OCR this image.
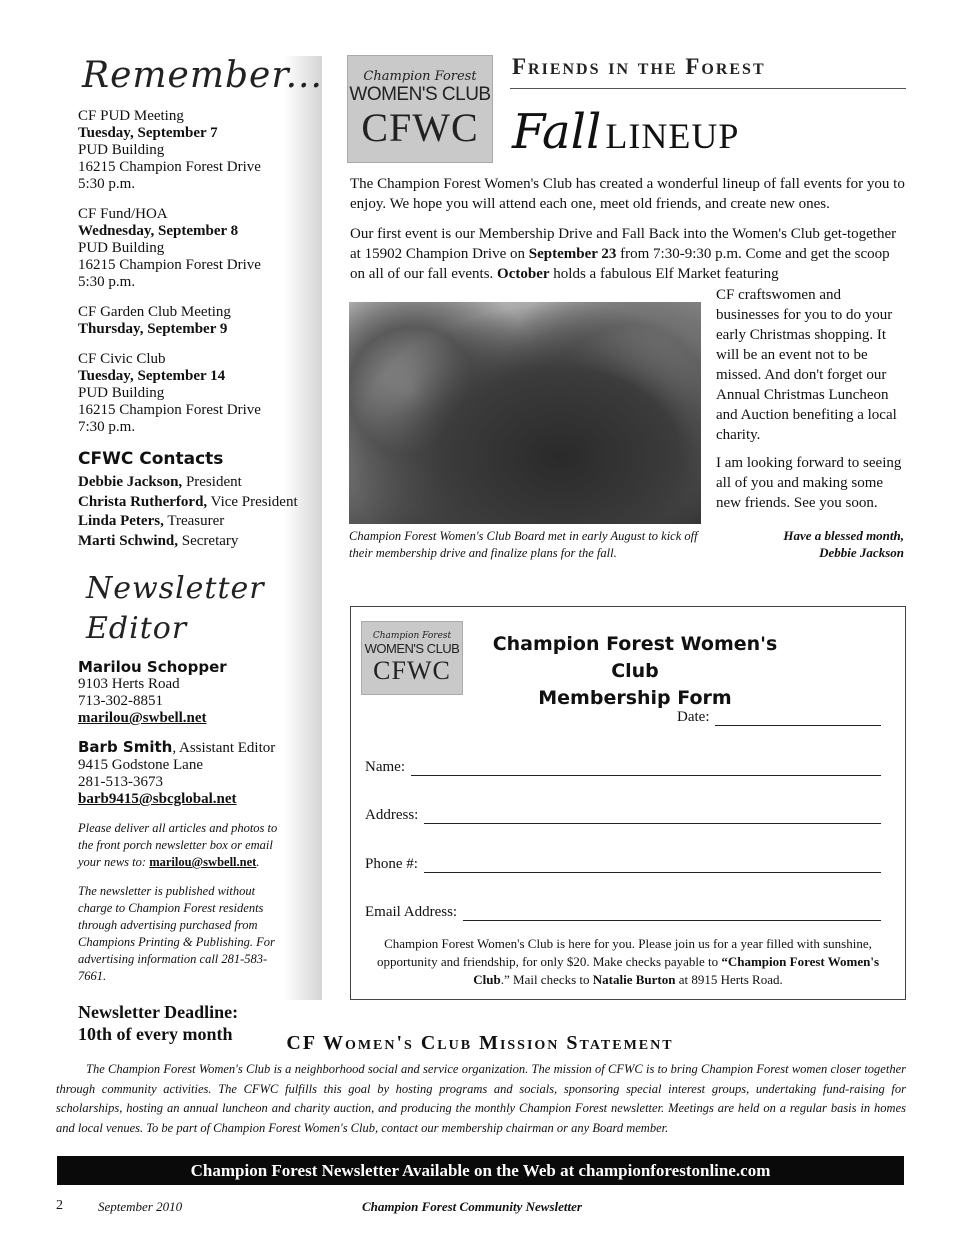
Remember...
CF PUD Meeting
Tuesday, September 7
PUD Building
16215 Champion Forest Drive
5:30 p.m.
CF Fund/HOA
Wednesday, September 8
PUD Building
16215 Champion Forest Drive
5:30 p.m.
CF Garden Club Meeting
Thursday, September 9
CF Civic Club
Tuesday, September 14
PUD Building
16215 Champion Forest Drive
7:30 p.m.
CFWC Contacts
Debbie Jackson, President
Christa Rutherford, Vice President
Linda Peters, Treasurer
Marti Schwind, Secretary
Newsletter Editor
Marilou Schopper
9103 Herts Road
713-302-8851
marilou@swbell.net
Barb Smith, Assistant Editor
9415 Godstone Lane
281-513-3673
barb9415@sbcglobal.net

Please deliver all articles and photos to the front porch newsletter box or email your news to: marilou@swbell.net.

The newsletter is published without charge to Champion Forest residents through advertising purchased from Champions Printing & Publishing. For advertising information call 281-583-7661.

Newsletter Deadline:
10th of every month
Champion Forest
WOMEN'S CLUB
CFWC
Friends in the Forest
Fall LINEUP

The Champion Forest Women's Club has created a wonderful lineup of fall events for you to enjoy. We hope you will attend each one, meet old friends, and create new ones.

Our first event is our Membership Drive and Fall Back into the Women's Club get-together at 15902 Champion Drive on September 23 from 7:30-9:30 p.m. Come and get the scoop on all of our fall events. October holds a fabulous Elf Market featuring

Champion Forest Women's Club Board met in early August to kick off their membership drive and finalize plans for the fall.

CF craftswomen and businesses for you to do your early Christmas shopping. It will be an event not to be missed. And don't forget our Annual Christmas Luncheon and Auction benefiting a local charity.

I am looking forward to seeing all of you and making some new friends. See you soon.

Have a blessed month,
Debbie Jackson
Champion Forest
WOMEN'S CLUB
CFWC
Champion Forest Women's Club
Membership Form
Date:
Name:
Address:
Phone #:
Email Address:
Champion Forest Women's Club is here for you. Please join us for a year filled with sunshine, opportunity and friendship, for only $20. Make checks payable to “Champion Forest Women's Club.” Mail checks to Natalie Burton at 8915 Herts Road.
CF Women's Club Mission Statement

The Champion Forest Women's Club is a neighborhood social and service organization. The mission of CFWC is to bring Champion Forest women closer together through community activities. The CFWC fulfills this goal by hosting programs and socials, sponsoring special interest groups, undertaking fund-raising for scholarships, hosting an annual luncheon and charity auction, and producing the monthly Champion Forest newsletter. Meetings are held on a regular basis in homes and local venues. To be part of Champion Forest Women's Club, contact our membership chairman or any Board member.

Champion Forest Newsletter Available on the Web at championforestonline.com
2	September 2010	Champion Forest Community Newsletter
